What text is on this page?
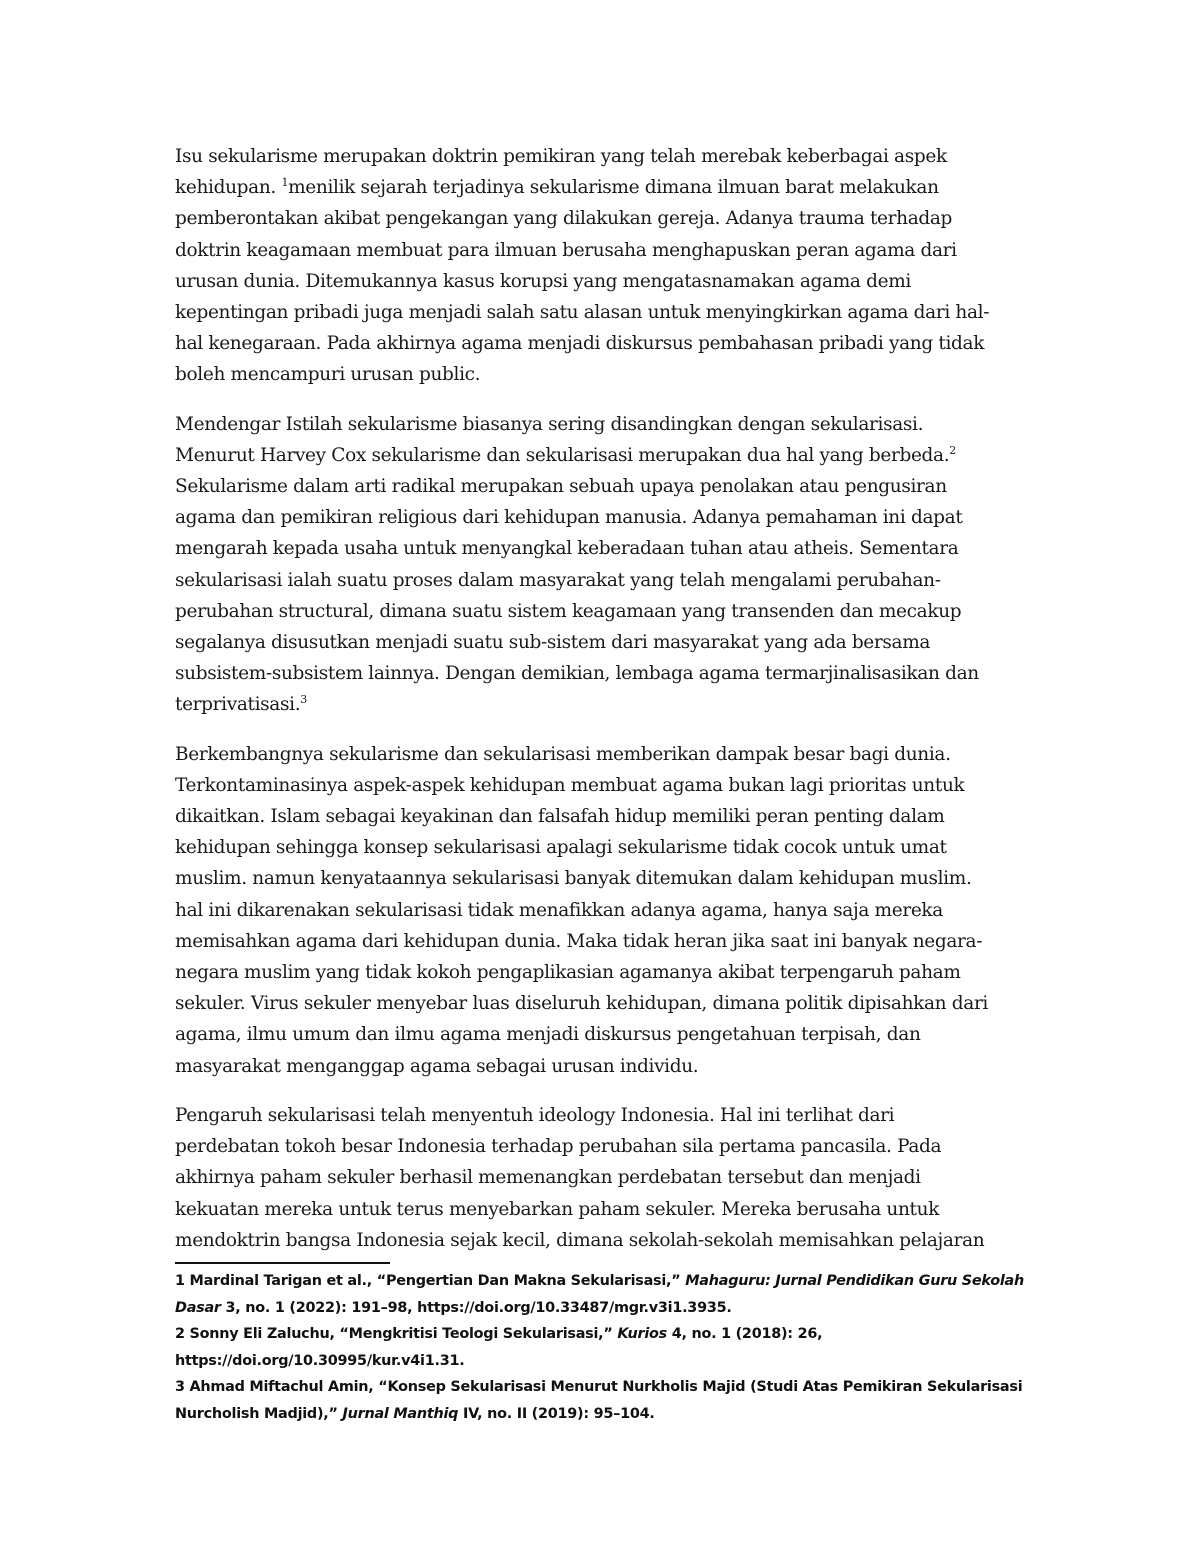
Isu sekularisme merupakan doktrin pemikiran yang telah merebak keberbagai aspek
kehidupan. $^1$menilik sejarah terjadinya sekularisme dimana ilmuan barat melakukan
pemberontakan akibat pengekangan yang dilakukan gereja. Adanya trauma terhadap
doktrin keagamaan membuat para ilmuan berusaha menghapuskan peran agama dari
urusan dunia. Ditemukannya kasus korupsi yang mengatasnamakan agama demi
kepentingan pribadi juga menjadi salah satu alasan untuk menyingkirkan agama dari hal-
hal kenegaraan. Pada akhirnya agama menjadi diskursus pembahasan pribadi yang tidak
boleh mencampuri urusan public.

Mendengar Istilah sekularisme biasanya sering disandingkan dengan sekularisasi.
Menurut Harvey Cox sekularisme dan sekularisasi merupakan dua hal yang berbeda.$^2$
Sekularisme dalam arti radikal merupakan sebuah upaya penolakan atau pengusiran
agama dan pemikiran religious dari kehidupan manusia. Adanya pemahaman ini dapat
mengarah kepada usaha untuk menyangkal keberadaan tuhan atau atheis. Sementara
sekularisasi ialah suatu proses dalam masyarakat yang telah mengalami perubahan-
perubahan structural, dimana suatu sistem keagamaan yang transenden dan mecakup
segalanya disusutkan menjadi suatu sub-sistem dari masyarakat yang ada bersama
subsistem-subsistem lainnya. Dengan demikian, lembaga agama termarjinalisasikan dan
terprivatisasi.$^3$

Berkembangnya sekularisme dan sekularisasi memberikan dampak besar bagi dunia.
Terkontaminasinya aspek-aspek kehidupan membuat agama bukan lagi prioritas untuk
dikaitkan. Islam sebagai keyakinan dan falsafah hidup memiliki peran penting dalam
kehidupan sehingga konsep sekularisasi apalagi sekularisme tidak cocok untuk umat
muslim. namun kenyataannya sekularisasi banyak ditemukan dalam kehidupan muslim.
hal ini dikarenakan sekularisasi tidak menafikkan adanya agama, hanya saja mereka
memisahkan agama dari kehidupan dunia. Maka tidak heran jika saat ini banyak negara-
negara muslim yang tidak kokoh pengaplikasian agamanya akibat terpengaruh paham
sekuler. Virus sekuler menyebar luas diseluruh kehidupan, dimana politik dipisahkan dari
agama, ilmu umum dan ilmu agama menjadi diskursus pengetahuan terpisah, dan
masyarakat menganggap agama sebagai urusan individu.

Pengaruh sekularisasi telah menyentuh ideology Indonesia. Hal ini terlihat dari
perdebatan tokoh besar Indonesia terhadap perubahan sila pertama pancasila. Pada
akhirnya paham sekuler berhasil memenangkan perdebatan tersebut dan menjadi
kekuatan mereka untuk terus menyebarkan paham sekuler. Mereka berusaha untuk
mendoktrin bangsa Indonesia sejak kecil, dimana sekolah-sekolah memisahkan pelajaran

1 Mardinal Tarigan et al., “Pengertian Dan Makna Sekularisasi,” Mahaguru: Jurnal Pendidikan Guru Sekolah Dasar 3, no. 1 (2022): 191–98, https://doi.org/10.33487/mgr.v3i1.3935.
2 Sonny Eli Zaluchu, “Mengkritisi Teologi Sekularisasi,” Kurios 4, no. 1 (2018): 26, https://doi.org/10.30995/kur.v4i1.31.
3 Ahmad Miftachul Amin, “Konsep Sekularisasi Menurut Nurkholis Majid (Studi Atas Pemikiran Sekularisasi Nurcholish Madjid),” Jurnal Manthiq IV, no. II (2019): 95–104.
